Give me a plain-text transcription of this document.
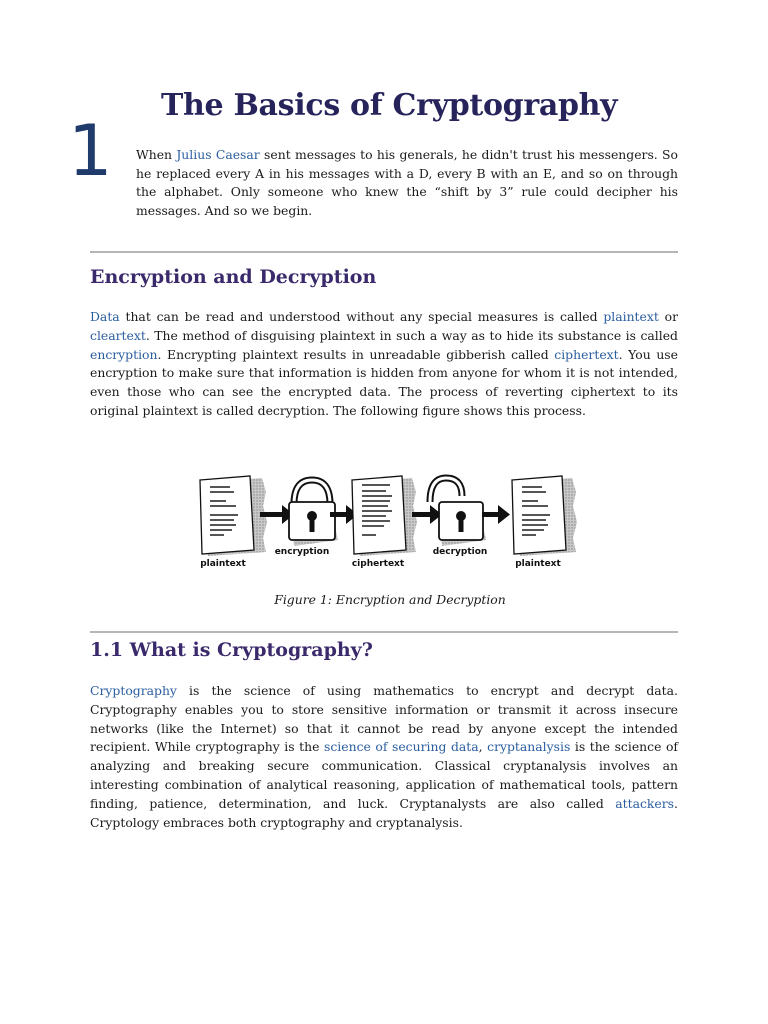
The Basics of Cryptography
1 When Julius Caesar sent messages to his generals, he didn't trust his messengers. So he replaced every A in his messages with a D, every B with an E, and so on through the alphabet. Only someone who knew the “shift by 3” rule could decipher his messages. And so we begin.

Encryption and Decryption

Data that can be read and understood without any special measures is called plaintext or cleartext. The method of disguising plaintext in such a way as to hide its substance is called encryption. Encrypting plaintext results in unreadable gibberish called ciphertext. You use encryption to make sure that information is hidden from anyone for whom it is not intended, even those who can see the encrypted data. The process of reverting ciphertext to its original plaintext is called decryption. The following figure shows this process.

plaintext
encryption
ciphertext
decryption
plaintext
Figure 1: Encryption and Decryption
1.1 What is Cryptography?

Cryptography is the science of using mathematics to encrypt and decrypt data. Cryptography enables you to store sensitive information or transmit it across insecure networks (like the Internet) so that it cannot be read by anyone except the intended recipient. While cryptography is the science of securing data, cryptanalysis is the science of analyzing and breaking secure communication. Classical cryptanalysis involves an interesting combination of analytical reasoning, application of mathematical tools, pattern finding, patience, determination, and luck. Cryptanalysts are also called attackers. Cryptology embraces both cryptography and cryptanalysis.
